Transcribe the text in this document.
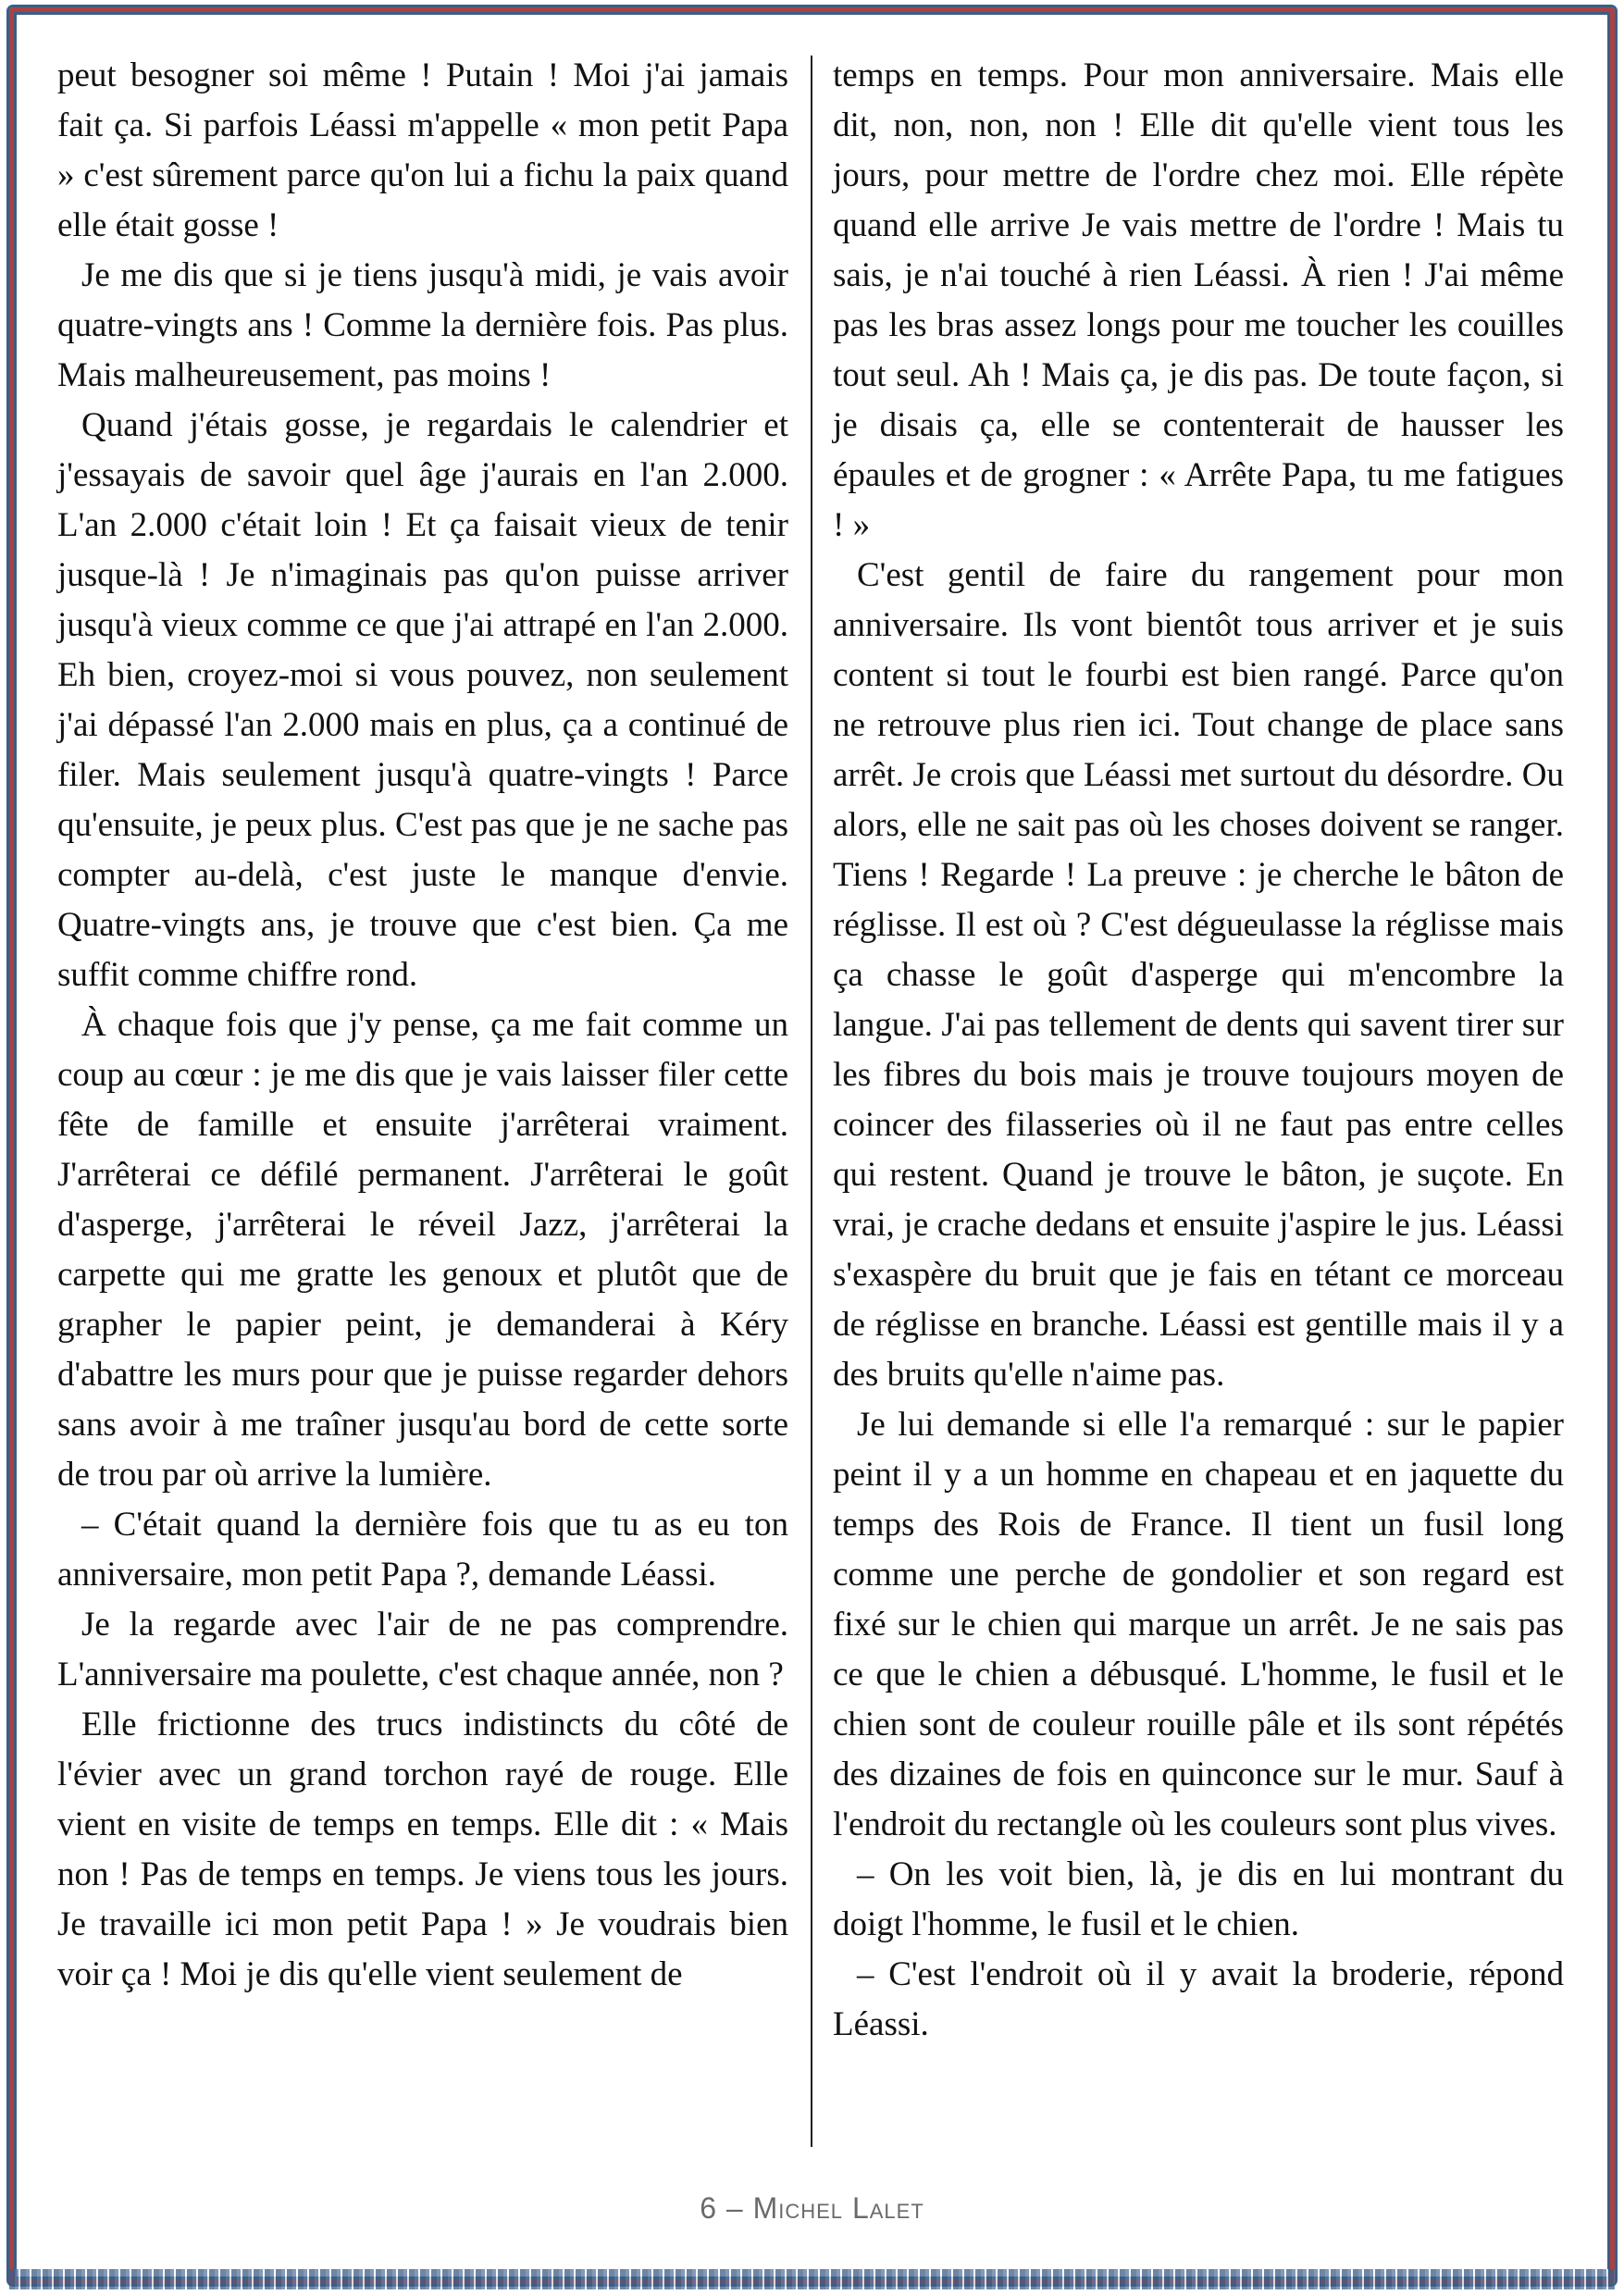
peut besogner soi même ! Putain ! Moi j'ai jamais fait ça. Si parfois Léassi m'appelle « mon petit Papa » c'est sûrement parce qu'on lui a fichu la paix quand elle était gosse !

Je me dis que si je tiens jusqu'à midi, je vais avoir quatre-vingts ans ! Comme la dernière fois. Pas plus. Mais malheureusement, pas moins !

Quand j'étais gosse, je regardais le calendrier et j'essayais de savoir quel âge j'aurais en l'an 2.000. L'an 2.000 c'était loin ! Et ça faisait vieux de tenir jusque-là ! Je n'imaginais pas qu'on puisse arriver jusqu'à vieux comme ce que j'ai attrapé en l'an 2.000. Eh bien, croyez-moi si vous pouvez, non seulement j'ai dépassé l'an 2.000 mais en plus, ça a continué de filer. Mais seulement jusqu'à quatre-vingts ! Parce qu'ensuite, je peux plus. C'est pas que je ne sache pas compter au-delà, c'est juste le manque d'envie. Quatre-vingts ans, je trouve que c'est bien. Ça me suffit comme chiffre rond.

À chaque fois que j'y pense, ça me fait comme un coup au cœur : je me dis que je vais laisser filer cette fête de famille et ensuite j'arrêterai vraiment. J'arrêterai ce défilé permanent. J'arrêterai le goût d'asperge, j'arrêterai le réveil Jazz, j'arrêterai la carpette qui me gratte les genoux et plutôt que de grapher le papier peint, je demanderai à Kéry d'abattre les murs pour que je puisse regarder dehors sans avoir à me traîner jusqu'au bord de cette sorte de trou par où arrive la lumière.

– C'était quand la dernière fois que tu as eu ton anniversaire, mon petit Papa ?, demande Léassi.

Je la regarde avec l'air de ne pas comprendre. L'anniversaire ma poulette, c'est chaque année, non ?

Elle frictionne des trucs indistincts du côté de l'évier avec un grand torchon rayé de rouge. Elle vient en visite de temps en temps. Elle dit : « Mais non ! Pas de temps en temps. Je viens tous les jours. Je travaille ici mon petit Papa ! » Je voudrais bien voir ça ! Moi je dis qu'elle vient seulement de

temps en temps. Pour mon anniversaire. Mais elle dit, non, non, non ! Elle dit qu'elle vient tous les jours, pour mettre de l'ordre chez moi. Elle répète quand elle arrive Je vais mettre de l'ordre ! Mais tu sais, je n'ai touché à rien Léassi. À rien ! J'ai même pas les bras assez longs pour me toucher les couilles tout seul. Ah ! Mais ça, je dis pas. De toute façon, si je disais ça, elle se contenterait de hausser les épaules et de grogner : « Arrête Papa, tu me fatigues ! »

C'est gentil de faire du rangement pour mon anniversaire. Ils vont bientôt tous arriver et je suis content si tout le fourbi est bien rangé. Parce qu'on ne retrouve plus rien ici. Tout change de place sans arrêt. Je crois que Léassi met surtout du désordre. Ou alors, elle ne sait pas où les choses doivent se ranger. Tiens ! Regarde ! La preuve : je cherche le bâton de réglisse. Il est où ? C'est dégueulasse la réglisse mais ça chasse le goût d'asperge qui m'encombre la langue. J'ai pas tellement de dents qui savent tirer sur les fibres du bois mais je trouve toujours moyen de coincer des filasseries où il ne faut pas entre celles qui restent. Quand je trouve le bâton, je suçote. En vrai, je crache dedans et ensuite j'aspire le jus. Léassi s'exaspère du bruit que je fais en tétant ce morceau de réglisse en branche. Léassi est gentille mais il y a des bruits qu'elle n'aime pas.

Je lui demande si elle l'a remarqué : sur le papier peint il y a un homme en chapeau et en jaquette du temps des Rois de France. Il tient un fusil long comme une perche de gondolier et son regard est fixé sur le chien qui marque un arrêt. Je ne sais pas ce que le chien a débusqué. L'homme, le fusil et le chien sont de couleur rouille pâle et ils sont répétés des dizaines de fois en quinconce sur le mur. Sauf à l'endroit du rectangle où les couleurs sont plus vives.

– On les voit bien, là, je dis en lui montrant du doigt l'homme, le fusil et le chien.

– C'est l'endroit où il y avait la broderie, répond Léassi.

6 – Michel Lalet
